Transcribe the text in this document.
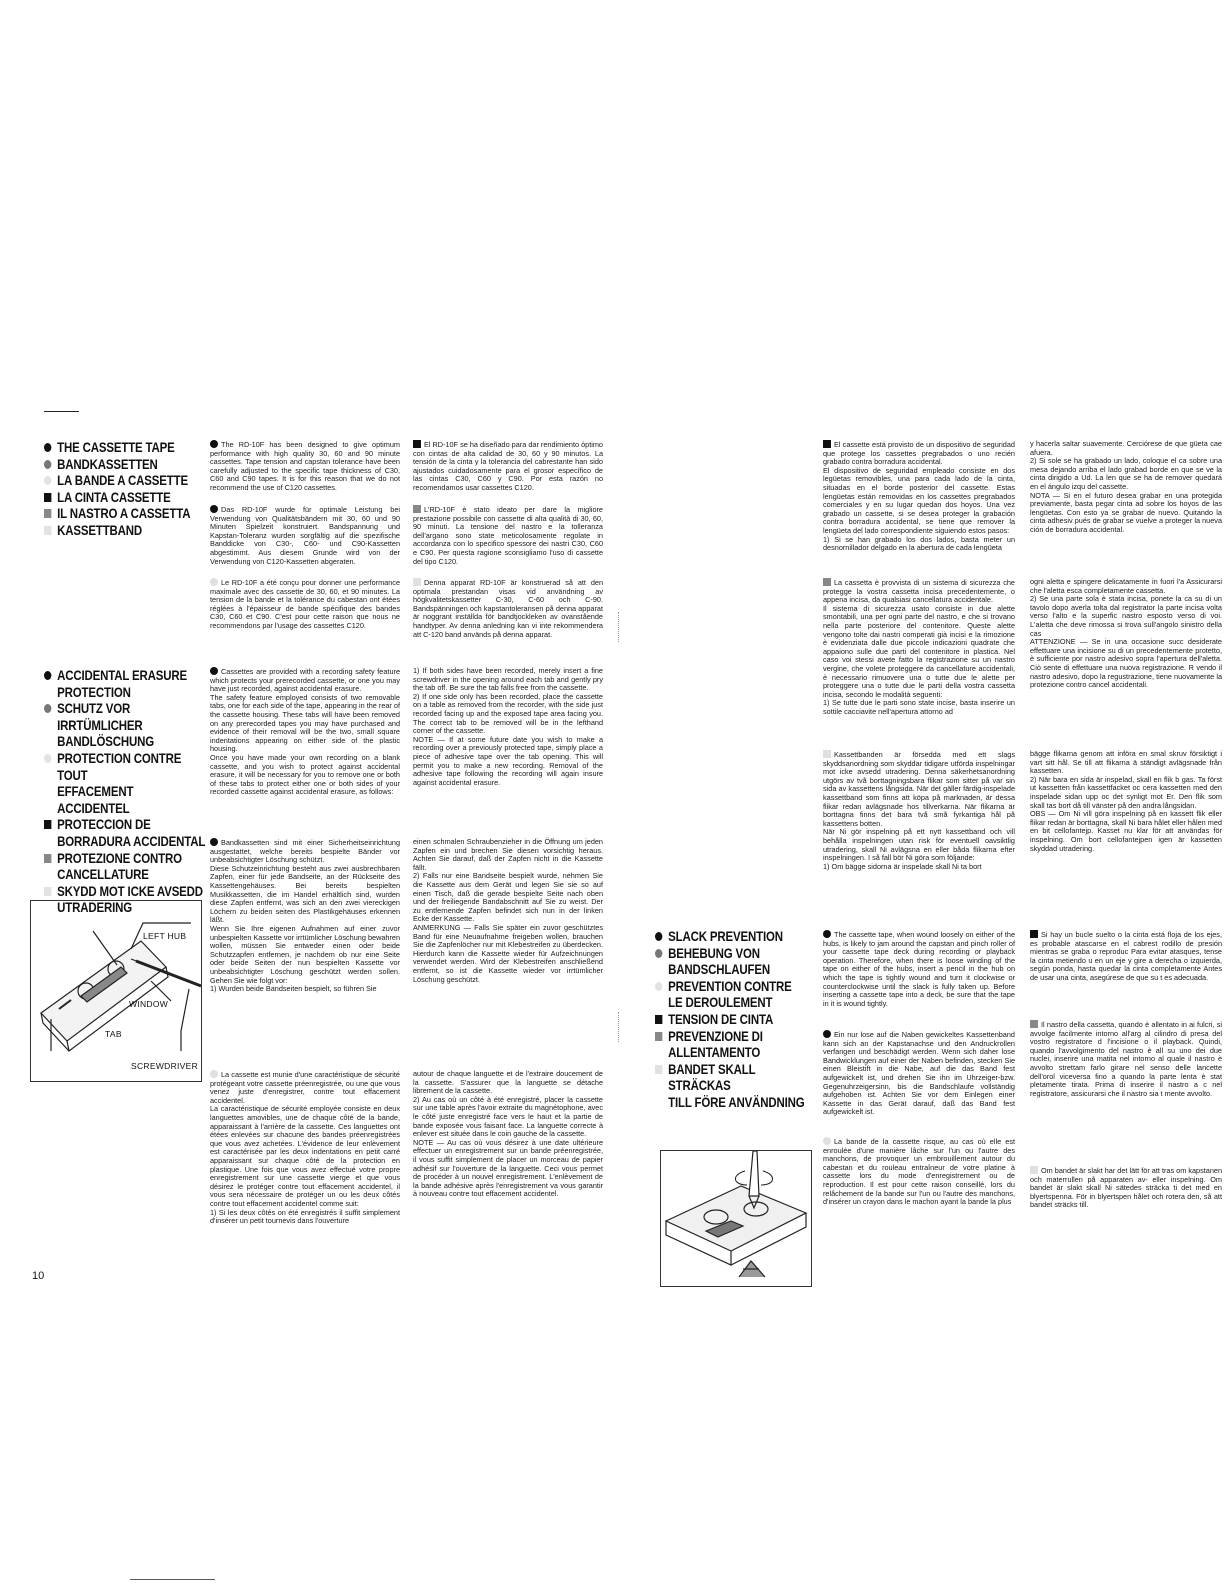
THE CASSETTE TAPE
BANDKASSETTEN
LA BANDE A CASSETTE
LA CINTA CASSETTE
IL NASTRO A CASSETTA
KASSETTBAND
ACCIDENTAL ERASURE
PROTECTION
SCHUTZ VOR
IRRTÜMLICHER
BANDLÖSCHUNG
PROTECTION CONTRE TOUT
EFFACEMENT ACCIDENTEL
PROTECCION DE
BORRADURA ACCIDENTAL
PROTEZIONE CONTRO
CANCELLATURE
SKYDD MOT ICKE AVSEDD
UTRADERING
LEFT HUB
WINDOW
TAB
SCREWDRIVER
10

The RD-10F has been designed to give optimum performance with high quality 30, 60 and 90 minute cassettes. Tape tension and capstan tolerance have been carefully adjusted to the specific tape thickness of C30, C60 and C90 tapes. It is for this reason that we do not recommend the use of C120 cassettes.

Das RD-10F wurde für optimale Leistung bei Verwendung von Qualitätsbändern mit 30, 60 und 90 Minuten Spielzeit konstruiert. Bandspannung und Kapstan-Toleranz wurden sorgfältig auf die spezifische Banddicke von C30-, C60- und C90-Kassetten abgestimmt. Aus diesem Grunde wird von der Verwendung von C120-Kassetten abgeraten.

Le RD-10F a été conçu pour donner une performance maximale avec des cassette de 30, 60, et 90 minutes. La tension de la bande et la tolérance du cabestan ont étées réglées à l'épaisseur de bande spécifique des bandes C30, C60 et C90. C'est pour cette raison que nous ne recommendons par l'usage des cassettes C120.

Cassettes are provided with a recording safety feature which protects your prerecorded cassette, or one you may have just recorded, against accidental erasure.

The safety feature employed consists of two removable tabs, one for each side of the tape, appearing in the rear of the cassette housing. These tabs will have been removed on any prerecorded tapes you may have purchased and evidence of their removal will be the two, small square indentations appearing on either side of the plastic housing.

Once you have made your own recording on a blank cassette, and you wish to protect against accidental erasure, it will be necessary for you to remove one or both of these tabs to protect either one or both sides of your recorded cassette against accidental erasure, as follows:

Bandkassetten sind mit einer Sicherheitseinrichtung ausgestattet, welche bereits bespielte Bänder vor unbeabsichtigter Löschung schützt.

Diese Schutzeinrichtung besteht aus zwei ausbrechbaren Zapfen, einer für jede Bandseite, an der Rückseite des Kassettengehäuses. Bei bereits bespielten Musikkassetten, die im Handel erhältlich sind, wurden diese Zapfen entfernt, was sich an den zwei viereckigen Löchern zu beiden seiten des Plastikgehäuses erkennen läßt.

Wenn Sie Ihre eigenen Aufnahmen auf einer zuvor unbespielten Kassette vor irrtümlicher Löschung bewahren wollen, müssen Sie entweder einen oder beide Schutzzapfen entfernen, je nachdem ob nur eine Seite oder beide Seiten der nun bespielten Kassette vor unbeabsichtigter Löschung geschützt werden sollen. Gehen Sie wie folgt vor:

1) Wurden beide Bandseiten bespielt, so führen Sie

La cassette est munie d'une caractéristique de sécurité protégeant votre cassette préenregistrée, ou une que vous venez juste d'enregistrer, contre tout effacement accidentel.

La caractéristique de sécurité employée consiste en deux languettes amovibles, une de chaque côté de la bande, apparaissant à l'arrière de la cassette. Ces languettes ont étées enlevées sur chacune des bandes préenregistrées que vous avez achetées. L'évidence de leur enlèvement est caractérisée par les deux indentations en petit carré apparaissant sur chaque côté de la protection en plastique. Une fois que vous avez effectué votre propre enregistrement sur une cassette vierge et que vous désirez le protéger contre tout effacement accidentel, il vous sera nécessaire de protéger un ou les deux côtés contre tout effacement accidentel comme suit:

1) Si les deux côtés on été enregistrés il suffit simplement d'insérer un petit tournevis dans l'ouverture

El RD-10F se ha diseñado para dar rendimiento óptimo con cintas de alta calidad de 30, 60 y 90 minutos. La tensión de la cinta y la tolerancia del cabrestante han sido ajustados cuidadosamente para el grosor específico de las cintas C30, C60 y C90. Por esta razón no recomendamos usar cassettes C120.

L'RD-10F è stato ideato per dare la migliore prestazione possibile con cassette di alta qualità di 30, 60, 90 minuti. La tensione del nastro e la tolleranza dell'argano sono state meticolosamente regolate in accordanza con lo specifico spessore dei nastri C30, C60 e C90. Per questa ragione sconsigliamo l'uso di cassette del tipo C120.

Denna apparat RD-10F är konstruerad så att den optimala prestandan visas vid användning av högkvalitetskassetter C-30, C-60 och C-90. Bandspänningen och kapstantoleransen på denna apparat är noggrant inställda för bandtjockleken av ovanstående handtyper. Av denna anledning kan vi inte rekommendera att C-120 band används på denna apparat.

1) If both sides have been recorded, merely insert a fine screwdriver in the opening around each tab and gently pry the tab off. Be sure the tab falls free from the cassette.

2) If one side only has been recorded, place the cassette on a table as removed from the recorder, with the side just recorded facing up and the exposed tape area facing you. The correct tab to be removed will be in the lefthand corner of the cassette.

NOTE — If at some future date you wish to make a recording over a previously protected tape, simply place a piece of adhesive tape over the tab opening. This will permit you to make a new recording. Removal of the adhesive tape following the recording will again insure against accidental erasure.

einen schmalen Schraubenzieher in die Öffnung um jeden Zapfen ein und brechen Sie diesen vorsichtig heraus. Achten Sie darauf, daß der Zapfen nicht in die Kassette fällt.

2) Falls nur eine Bandseite bespielt wurde, nehmen Sie die Kassette aus dem Gerät und legen Sie sie so auf einen Tisch, daß die gerade bespielte Seite nach oben und der freiliegende Bandabschnitt auf Sie zu weist. Der zu entfernende Zapfen befindet sich nun in der linken Ecke der Kassette.

ANMERKUNG — Falls Sie später ein zuvor geschütztes Band für eine Neuaufnahme freigeben wollen, brauchen Sie die Zapfenlöcher nur mit Klebestreifen zu überdecken. Hierdurch kann die Kassette wieder für Aufzeichnungen verwendet werden. Wird der Klebestreifen anschließend entfernt, so ist die Kassette wieder vor irrtümlicher Löschung geschützt.

autour de chaque languette et de l'extraire doucement de la cassette. S'assurer que la languette se détache librement de la cassette.

2) Au cas où un côté à été enregistré, placer la cassette sur une table après l'avoir extraite du magnétophone, avec le côté juste enregistré face vers le haut et la partie de bande exposée vous faisant face. La languette correcte à enlever est située dans le coin gauche de la cassette.

NOTE — Au cas où vous désirez à une date ultérieure effectuer un enregistrement sur un bande préenregistrée, il vous suffit simplement de placer un morceau de papier adhésif sur l'ouverture de la languette. Ceci vous permet de procéder à un nouvel enregistrement. L'enlèvement de la bande adhésive après l'enregistrement va vous garantir à nouveau contre tout effacement accidentel.

SLACK PREVENTION
BEHEBUNG VON
BANDSCHLAUFEN
PREVENTION CONTRE
LE DEROULEMENT
TENSION DE CINTA
PREVENZIONE DI
ALLENTAMENTO
BANDET SKALL STRÄCKAS
TILL FÖRE ANVÄNDNING

El cassette está provisto de un dispositivo de seguridad que protege los cassettes pregrabados o uno recién grabado contra borradura accidental.

El dispositivo de seguridad empleado consiste en dos legüetas removibles, una para cada lado de la cinta, situadas en el borde posterior del cassette. Estas lengüetas están removidas en los cassettes pregrabados comerciales y en su lugar quedan dos hoyos. Una vez grabado un cassette, si se desea proteger la grabación contra borradura accidental, se tiene que remover la lengüeta del lado correspondiente siguiendo estos pasos:

1) Si se han grabado los dos lados, basta meter un desnornillador delgado en la abertura de cada lengüeta

La cassetta è provvista di un sistema di sicurezza che protegge la vostra cassetta incisa precedentemente, o appena incisa, da qualsiasi cancellatura accidentale.

Il sistema di sicurezza usato consiste in due alette smontabili, una per ogni parte del nastro, e che si trovano nella parte posteriore del contenitore. Queste alette vengono tolte dai nastri comperati già incisi e la rimozione è evidenziata dalle due piccole indicazioni quadrate che appaiono sulle due parti del contenitore in plastica. Nel caso voi stessi avete fatto la registrazione su un nastro vergine, che volete proteggere da cancellature accidentali, è necessario rimuovere una o tutte due le alette per proteggere una o tutte due le parti della vostra cassetta incisa, secondo le modalità seguenti:

1) Se tutte due le parti sono state incise, basta inserire un sottile cacciavite nell'apertura attorno ad

Kassettbanden är försedda med ett slags skyddsanordning som skyddar tidigare utförda inspelningar mot icke avsedd utradering. Denna säkerhetsanordning utgörs av två borttagningsbara flikar som sitter på var sin sida av kassettens långsida. När det gäller färdig-inspelade kassettband som finns att köpa på marknaden, är dessa flikar redan avlägsnade hos tillverkarna. När flikarna är borttagna finns det bara två små fyrkantiga hål på kassettens botten.

När Ni gör inspelning på ett nytt kassettband och vill behålla inspelningen utan risk för eventuell oavsiktlig utradering, skall Ni avlägsna en eller båda flikarna efter inspelningen. I så fall bör Ni göra som följande:

1) Om bägge sidorna är inspelade skall Ni ta bort

The cassette tape, when wound loosely on either of the hubs, is likely to jam around the capstan and pinch roller of your cassette tape deck during recording or playback operation. Therefore, when there is loose winding of the tape on either of the hubs, insert a pencil in the hub on which the tape is tightly wound and turn it clockwise or counterclockwise until the slack is fully taken up. Before inserting a cassette tape into a deck, be sure that the tape in it is wound tightly.

Ein nur lose auf die Naben gewickeltes Kassettenband kann sich an der Kapstanachse und den Andruckrollen verfangen und beschädigt werden. Wenn sich daher lose Bandwicklungen auf einer der Naben befinden, stecken Sie einen Bleistift in die Nabe, auf die das Band fest aufgewickelt ist, und drehen Sie ihn im Uhrzeiger-bzw. Gegenuhrzeigersinn, bis die Bandschlaufe vollständig aufgehoben ist. Achten Sie vor dem Einlegen einer Kassette in das Gerät darauf, daß das Band fest aufgewickelt ist.

La bande de la cassette risque, au cas où elle est enroulée d'une manière lâche sur l'un ou l'autre des manchons, de provoquer un embrouillement autour du cabestan et du rouleau entraîneur de votre platine à cassette lors du mode d'enregistrement ou de reproduction. Il est pour cette raison conseillé, lors du relâchement de la bande sur l'un ou l'autre des manchons, d'insérer un crayon dans le machon ayant la bande la plus

y hacerla saltar suavemente. Cerciórese de que güeta cae afuera.

2) Si sole se ha grabado un lado, coloque el ca sobre una mesa dejando arriba el lado grabad borde en que se ve la cinta dirigido a Ud. La len que se ha de remover quedará en el ángulo izqu del cassette.

NOTA — Si en el futuro desea grabar en una protegida previamente, basta pegar cinta ad sobre los hoyos de las lengüetas. Con esto ya se grabar de nuevo. Quitando la cinta adhesiv pués de grabar se vuelve a proteger la nueva ción de borradura accidental.

ogni aletta e spingere delicatamente in fuori l'a Assicurarsi che l'aletta esca completamente cassetta.

2) Se una parte sola è stata incisa, ponete la ca su di un tavolo dopo averla tolta dal registrator la parte incisa volta verso l'alto e la superfic nastro esposto verso di voi. L'aletta che deve rimossa si trova sull'angolo sinistro della cas

ATTENZIONE — Se in una occasione succ desiderate effettuare una incisione su di un precedentemente protetto, è sufficiente por nastro adesivo sopra l'apertura dell'aletta. Ciò sente di effettuare una nuova registrazione. R vendo il nastro adesivo, dopo la regustrazione, tiene nuovamente la protezione contro cancel accidentali.

bägge flikarna genom att införa en smal skruv försiktigt i vart sitt hål. Se till att flikarna ä ständigt avlägsnade från kassetten.

2) När bara en sida är inspelad, skall en flik b gas. Ta först ut kassetten från kassettfacket oc cera kassetten med den inspelade sidan upp oc det synligt mot Er. Den flik som skall tas bort då till vänster på den andra långsidan.

OBS — Om Ni vill göra inspelning på en kassett flik eller flikar redan är borttagna, skall Ni bara hålet eller hålen med en bit cellofantejp. Kasset nu klar för att användas för inspelning. Om bort cellofantejpen igen är kassetten skyddad utradering.

Si hay un bucle suelto o la cinta está floja de los ejes, es probable atascarse en el cabrest rodillo de presión mientras se graba o reproduc Para evitar atasques, tense la cinta metiendo u en un eje y gire a derecha o izquierda, según ponda, hasta quedar la cinta completamente Antes de usar una cinta, asegúrese de que su t es adecuada.

Il nastro della cassetta, quando è allentato in ai fulcri, si avvolge facilmente intorno all'arg al cilindro di presa del vostro registratore d l'incisione o il playback. Quindi, quando l'avvolgimento del nastro è all su uno dei due nuclei, inserire una matita nel intorno al quale il nastro è avvolto strettam farlo girare nel senso delle lancette dell'orol viceversa fino a quando la parte lenta è stat pletamente tirata. Prima di inserire il nastro a c nel registratore, assicurarsi che il nastro sia t mente avvolto.

Om bandet är slakt har det lätt för att tras om kapstanen och materrullen på apparaten av- eller inspelning. Om bandet är slakt skall Ni sätedes sträcka ti det med en blyertspenna. För in blyertspen hålet och rotera den, så att bandet sträcks till.
